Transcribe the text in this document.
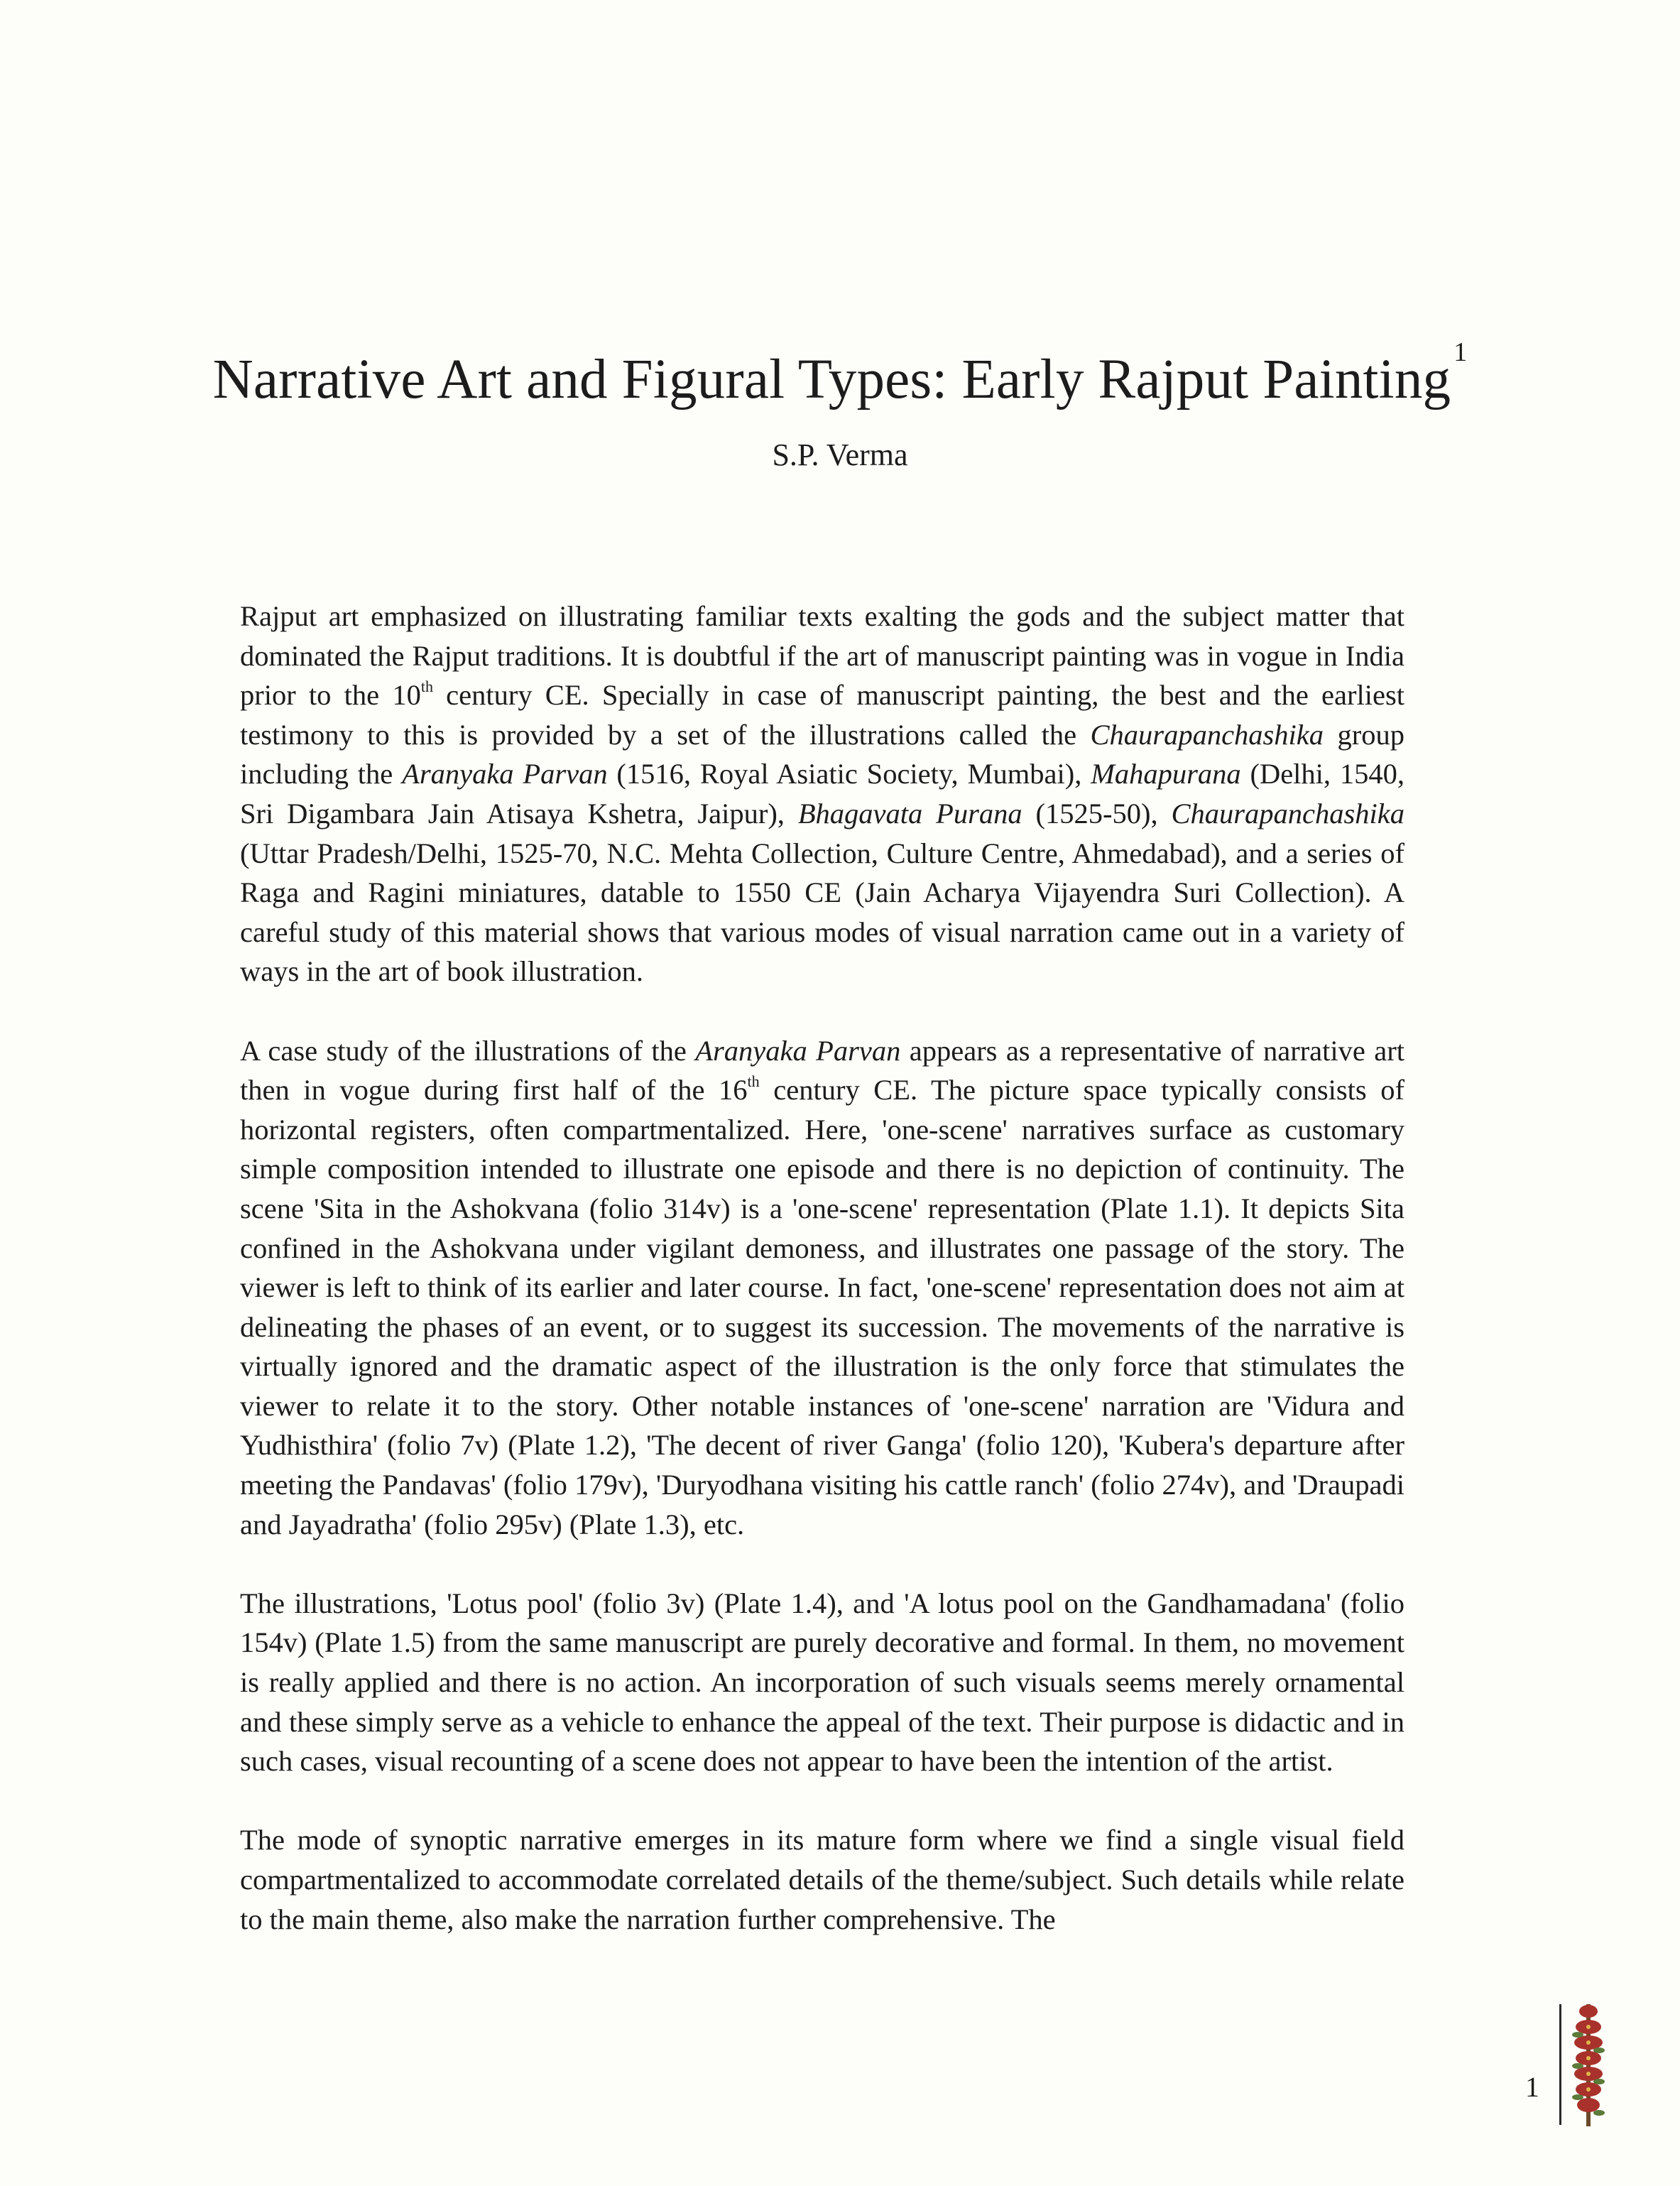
Narrative Art and Figural Types: Early Rajput Painting $^1$
S.P. Verma

Rajput art emphasized on illustrating familiar texts exalting the gods and the subject matter that dominated the Rajput traditions. It is doubtful if the art of manuscript painting was in vogue in India prior to the 10th century CE. Specially in case of manuscript painting, the best and the earliest testimony to this is provided by a set of the illustrations called the Chaurapanchashika group including the Aranyaka Parvan (1516, Royal Asiatic Society, Mumbai), Mahapurana (Delhi, 1540, Sri Digambara Jain Atisaya Kshetra, Jaipur), Bhagavata Purana (1525-50), Chaurapanchashika (Uttar Pradesh/Delhi, 1525-70, N.C. Mehta Collection, Culture Centre, Ahmedabad), and a series of Raga and Ragini miniatures, datable to 1550 CE (Jain Acharya Vijayendra Suri Collection). A careful study of this material shows that various modes of visual narration came out in a variety of ways in the art of book illustration.

A case study of the illustrations of the Aranyaka Parvan appears as a representative of narrative art then in vogue during first half of the 16th century CE. The picture space typically consists of horizontal registers, often compartmentalized. Here, 'one-scene' narratives surface as customary simple composition intended to illustrate one episode and there is no depiction of continuity. The scene 'Sita in the Ashokvana (folio 314v) is a 'one-scene' representation (Plate 1.1). It depicts Sita confined in the Ashokvana under vigilant demoness, and illustrates one passage of the story. The viewer is left to think of its earlier and later course. In fact, 'one-scene' representation does not aim at delineating the phases of an event, or to suggest its succession. The movements of the narrative is virtually ignored and the dramatic aspect of the illustration is the only force that stimulates the viewer to relate it to the story. Other notable instances of 'one-scene' narration are 'Vidura and Yudhisthira' (folio 7v) (Plate 1.2), 'The decent of river Ganga' (folio 120), 'Kubera's departure after meeting the Pandavas' (folio 179v), 'Duryodhana visiting his cattle ranch' (folio 274v), and 'Draupadi and Jayadratha' (folio 295v) (Plate 1.3), etc.

The illustrations, 'Lotus pool' (folio 3v) (Plate 1.4), and 'A lotus pool on the Gandhamadana' (folio 154v) (Plate 1.5) from the same manuscript are purely decorative and formal. In them, no movement is really applied and there is no action. An incorporation of such visuals seems merely ornamental and these simply serve as a vehicle to enhance the appeal of the text. Their purpose is didactic and in such cases, visual recounting of a scene does not appear to have been the intention of the artist.

The mode of synoptic narrative emerges in its mature form where we find a single visual field compartmentalized to accommodate correlated details of the theme/subject. Such details while relate to the main theme, also make the narration further comprehensive. The

1
